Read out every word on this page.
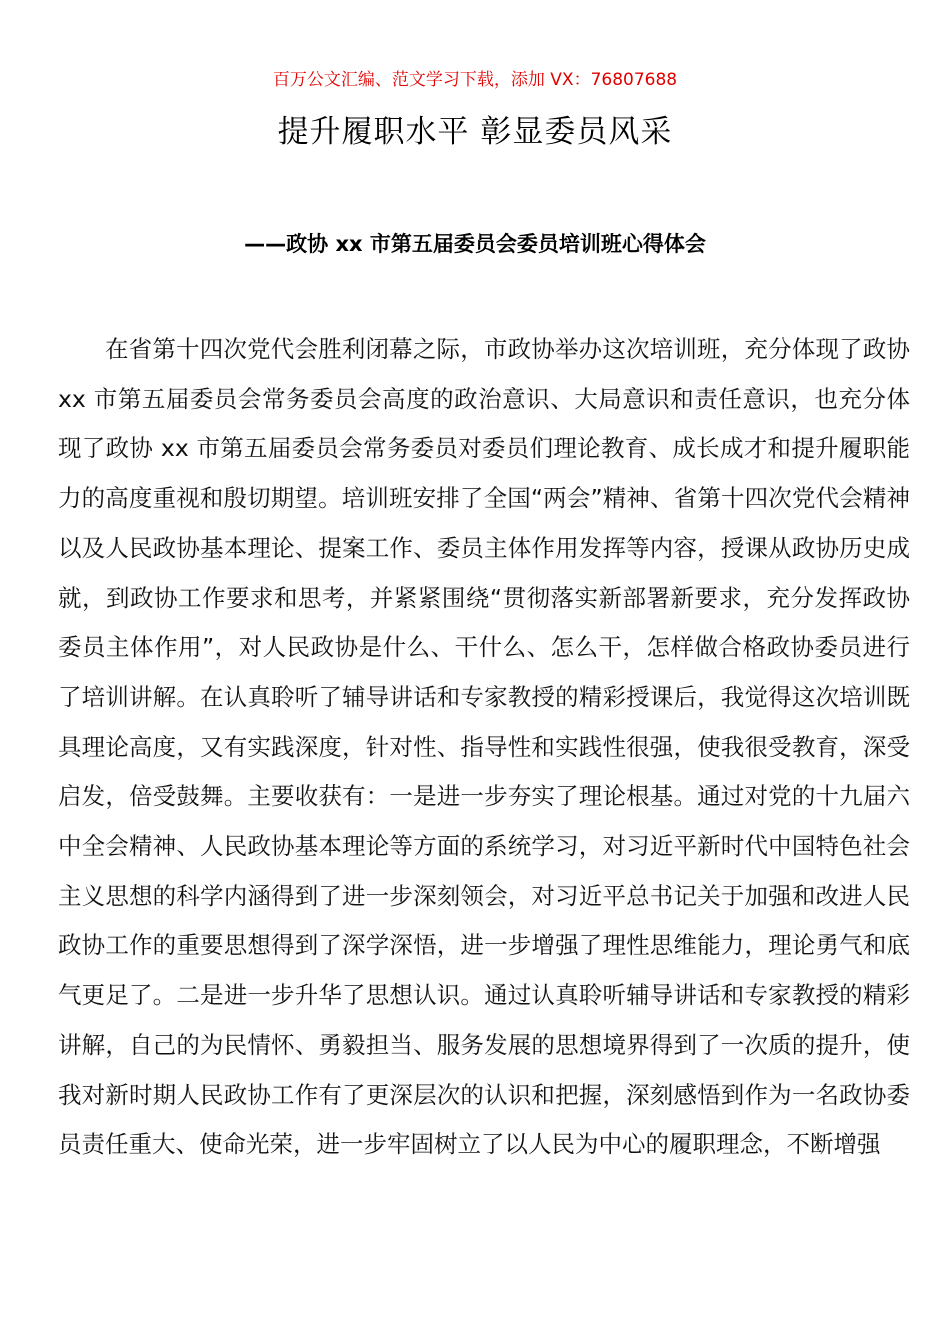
百万公文汇编、范文学习下载，添加 VX：76807688
提升履职水平 彰显委员风采
——政协 xx 市第五届委员会委员培训班心得体会

在省第十四次党代会胜利闭幕之际，市政协举办这次培训班，充分体现了政协 xx 市第五届委员会常务委员会高度的政治意识、大局意识和责任意识，也充分体现了政协 xx 市第五届委员会常务委员对委员们理论教育、成长成才和提升履职能力的高度重视和殷切期望。培训班安排了全国“两会”精神、省第十四次党代会精神以及人民政协基本理论、提案工作、委员主体作用发挥等内容，授课从政协历史成就，到政协工作要求和思考，并紧紧围绕“贯彻落实新部署新要求，充分发挥政协委员主体作用”，对人民政协是什么、干什么、怎么干，怎样做合格政协委员进行了培训讲解。在认真聆听了辅导讲话和专家教授的精彩授课后，我觉得这次培训既具理论高度，又有实践深度，针对性、指导性和实践性很强，使我很受教育，深受启发，倍受鼓舞。主要收获有：一是进一步夯实了理论根基。通过对党的十九届六中全会精神、人民政协基本理论等方面的系统学习，对习近平新时代中国特色社会主义思想的科学内涵得到了进一步深刻领会，对习近平总书记关于加强和改进人民政协工作的重要思想得到了深学深悟，进一步增强了理性思维能力，理论勇气和底气更足了。二是进一步升华了思想认识。通过认真聆听辅导讲话和专家教授的精彩讲解，自己的为民情怀、勇毅担当、服务发展的思想境界得到了一次质的提升，使我对新时期人民政协工作有了更深层次的认识和把握，深刻感悟到作为一名政协委员责任重大、使命光荣，进一步牢固树立了以人民为中心的履职理念，不断增强
